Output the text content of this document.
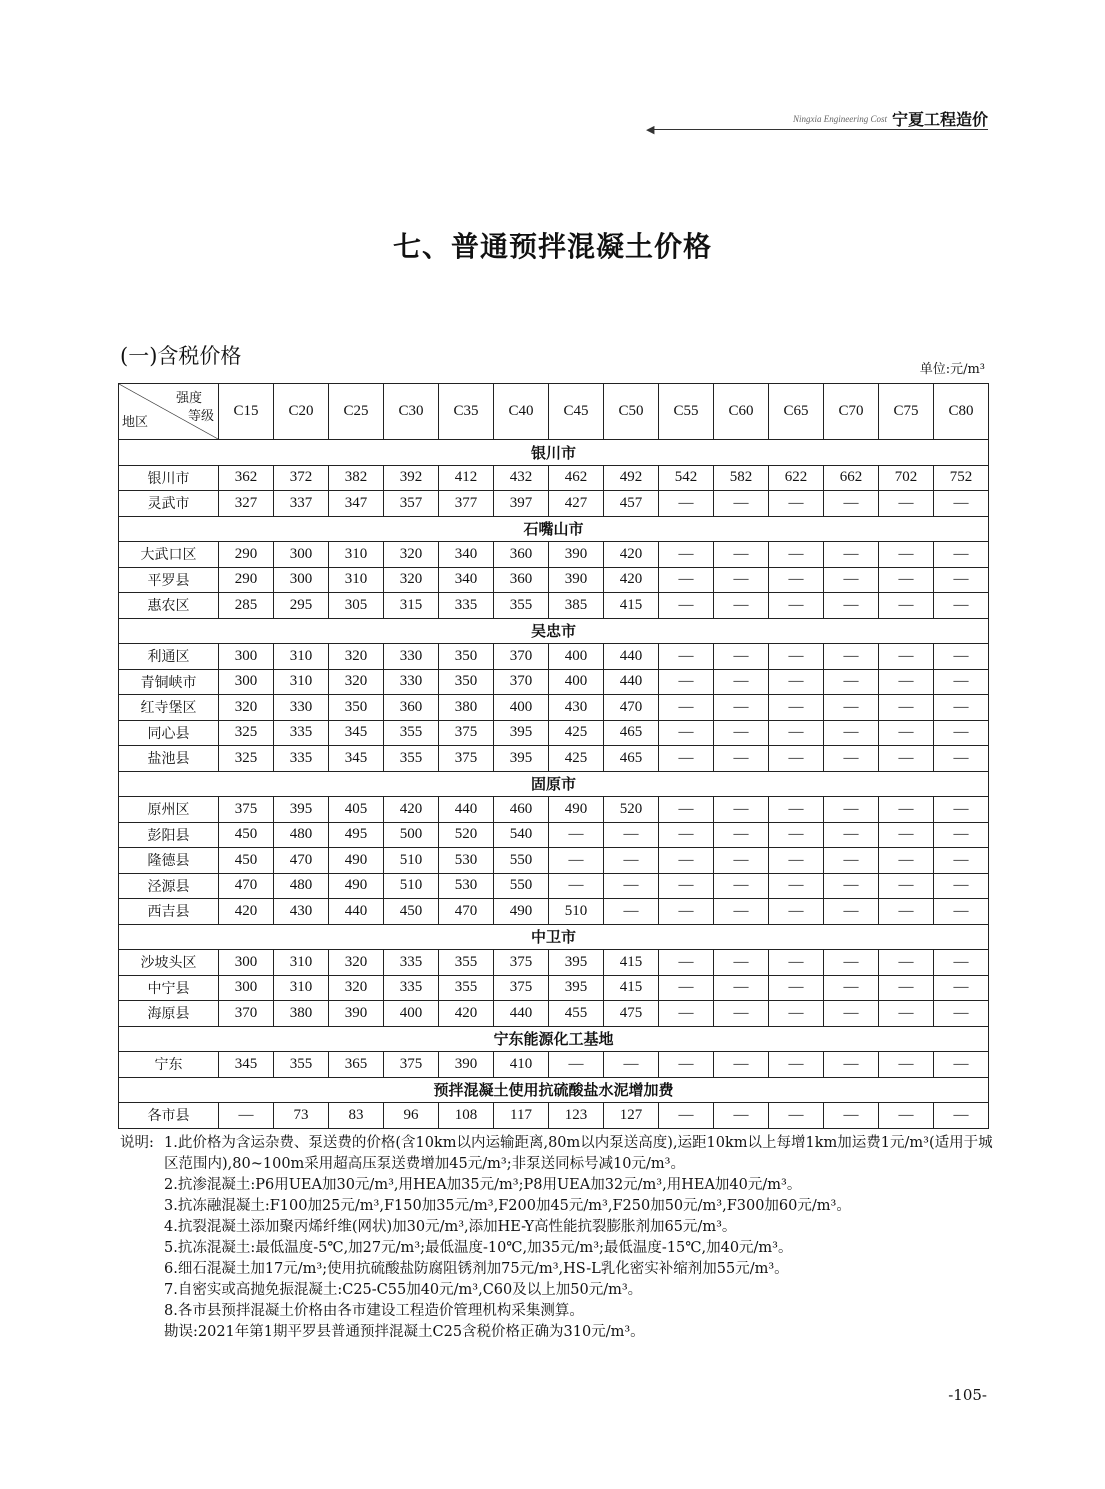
◀
Ningxia Engineering Cost 宁夏工程造价
七、普通预拌混凝土价格
(一)含税价格
单位:元/m³
强度
等级
地区	C15	C20	C25	C30	C35	C40	C45	C50	C55	C60	C65	C70	C75	C80
银川市														
银川市	362	372	382	392	412	432	462	492	542	582	622	662	702	752
灵武市	327	337	347	357	377	397	427	457	—	—	—	—	—	—
石嘴山市														
大武口区	290	300	310	320	340	360	390	420	—	—	—	—	—	—
平罗县	290	300	310	320	340	360	390	420	—	—	—	—	—	—
惠农区	285	295	305	315	335	355	385	415	—	—	—	—	—	—
吴忠市														
利通区	300	310	320	330	350	370	400	440	—	—	—	—	—	—
青铜峡市	300	310	320	330	350	370	400	440	—	—	—	—	—	—
红寺堡区	320	330	350	360	380	400	430	470	—	—	—	—	—	—
同心县	325	335	345	355	375	395	425	465	—	—	—	—	—	—
盐池县	325	335	345	355	375	395	425	465	—	—	—	—	—	—
固原市														
原州区	375	395	405	420	440	460	490	520	—	—	—	—	—	—
彭阳县	450	480	495	500	520	540	—	—	—	—	—	—	—	—
隆德县	450	470	490	510	530	550	—	—	—	—	—	—	—	—
泾源县	470	480	490	510	530	550	—	—	—	—	—	—	—	—
西吉县	420	430	440	450	470	490	510	—	—	—	—	—	—	—
中卫市														
沙坡头区	300	310	320	335	355	375	395	415	—	—	—	—	—	—
中宁县	300	310	320	335	355	375	395	415	—	—	—	—	—	—
海原县	370	380	390	400	420	440	455	475	—	—	—	—	—	—
宁东能源化工基地														
宁东	345	355	365	375	390	410	—	—	—	—	—	—	—	—
预拌混凝土使用抗硫酸盐水泥增加费														
各市县	—	73	83	96	108	117	123	127	—	—	—	—	—	—
说明: 1.此价格为含运杂费、泵送费的价格(含10km以内运输距离,80m以内泵送高度),运距10km以上每增1km加运费1元/m³(适用于城区范围内),80~100m采用超高压泵送费增加45元/m³;非泵送同标号减10元/m³。
2.抗渗混凝土:P6用UEA加30元/m³,用HEA加35元/m³;P8用UEA加32元/m³,用HEA加40元/m³。
3.抗冻融混凝土:F100加25元/m³,F150加35元/m³,F200加45元/m³,F250加50元/m³,F300加60元/m³。
4.抗裂混凝土添加聚丙烯纤维(网状)加30元/m³,添加HE-Y高性能抗裂膨胀剂加65元/m³。
5.抗冻混凝土:最低温度-5℃,加27元/m³;最低温度-10℃,加35元/m³;最低温度-15℃,加40元/m³。
6.细石混凝土加17元/m³;使用抗硫酸盐防腐阻锈剂加75元/m³,HS-L乳化密实补缩剂加55元/m³。
7.自密实或高抛免振混凝土:C25-C55加40元/m³,C60及以上加50元/m³。
8.各市县预拌混凝土价格由各市建设工程造价管理机构采集测算。
勘误:2021年第1期平罗县普通预拌混凝土C25含税价格正确为310元/m³。
-105-
